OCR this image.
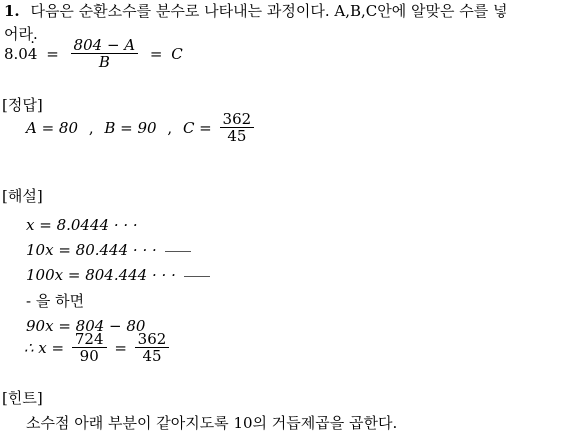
1. 다음은 순환소수를 분수로 나타내는 과정이다. A,B,C안에 알맞은 수를 넣
어라.
$8.0\cdot 4 = \frac{804 - A}{B} = C$
[정답]
A = 80 , B = 90 , $C = \frac{362}{45}$
[해설]
x = 8.0444 · · ·
10x = 80.444 · · ·
100x = 804.444 · · ·
- 을 하면
90x = 804 − 80
∴ $x = \frac{724}{90} = \frac{362}{45}$
[힌트]
소수점 아래 부분이 같아지도록 10의 거듭제곱을 곱한다.
